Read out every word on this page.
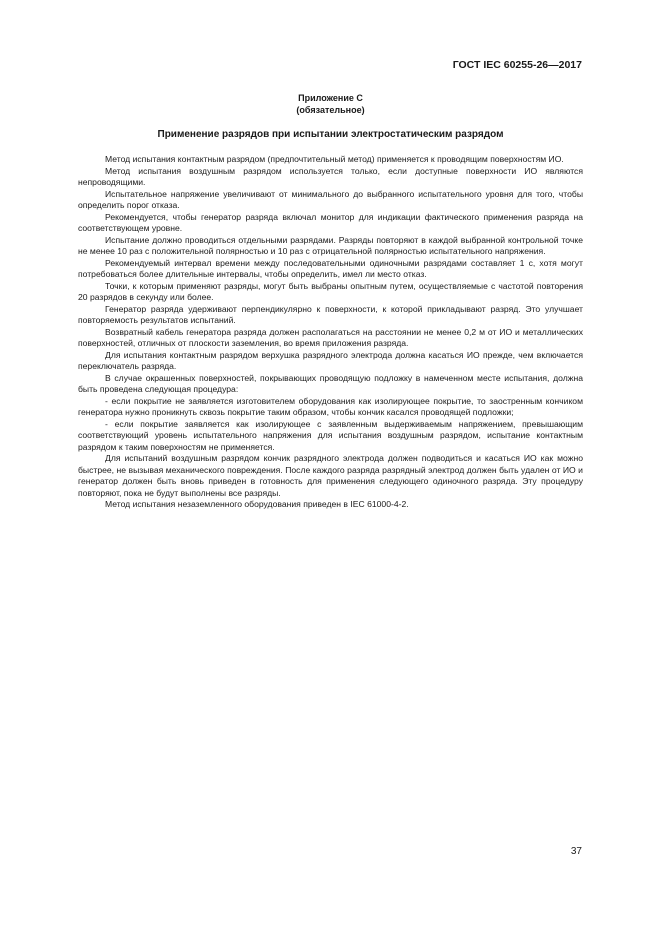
ГОСТ IEC 60255-26—2017
Приложение С
(обязательное)
Применение разрядов при испытании электростатическим разрядом

Метод испытания контактным разрядом (предпочтительный метод) применяется к проводящим поверхностям ИО.

Метод испытания воздушным разрядом используется только, если доступные поверхности ИО являются непроводящими.

Испытательное напряжение увеличивают от минимального до выбранного испытательного уровня для того, чтобы определить порог отказа.

Рекомендуется, чтобы генератор разряда включал монитор для индикации фактического применения разряда на соответствующем уровне.

Испытание должно проводиться отдельными разрядами. Разряды повторяют в каждой выбранной контрольной точке не менее 10 раз с положительной полярностью и 10 раз с отрицательной полярностью испытательного напряжения.

Рекомендуемый интервал времени между последовательными одиночными разрядами составляет 1 с, хотя могут потребоваться более длительные интервалы, чтобы определить, имел ли место отказ.

Точки, к которым применяют разряды, могут быть выбраны опытным путем, осуществляемые с частотой повторения 20 разрядов в секунду или более.

Генератор разряда удерживают перпендикулярно к поверхности, к которой прикладывают разряд. Это улучшает повторяемость результатов испытаний.

Возвратный кабель генератора разряда должен располагаться на расстоянии не менее 0,2 м от ИО и металлических поверхностей, отличных от плоскости заземления, во время приложения разряда.

Для испытания контактным разрядом верхушка разрядного электрода должна касаться ИО прежде, чем включается переключатель разряда.

В случае окрашенных поверхностей, покрывающих проводящую подложку в намеченном месте испытания, должна быть проведена следующая процедура:

- если покрытие не заявляется изготовителем оборудования как изолирующее покрытие, то заостренным кончиком генератора нужно проникнуть сквозь покрытие таким образом, чтобы кончик касался проводящей подложки;

- если покрытие заявляется как изолирующее с заявленным выдерживаемым напряжением, превышающим соответствующий уровень испытательного напряжения для испытания воздушным разрядом, испытание контактным разрядом к таким поверхностям не применяется.

Для испытаний воздушным разрядом кончик разрядного электрода должен подводиться и касаться ИО как можно быстрее, не вызывая механического повреждения. После каждого разряда разрядный электрод должен быть удален от ИО и генератор должен быть вновь приведен в готовность для применения следующего одиночного разряда. Эту процедуру повторяют, пока не будут выполнены все разряды.

Метод испытания незаземленного оборудования приведен в IEC 61000-4-2.

37
